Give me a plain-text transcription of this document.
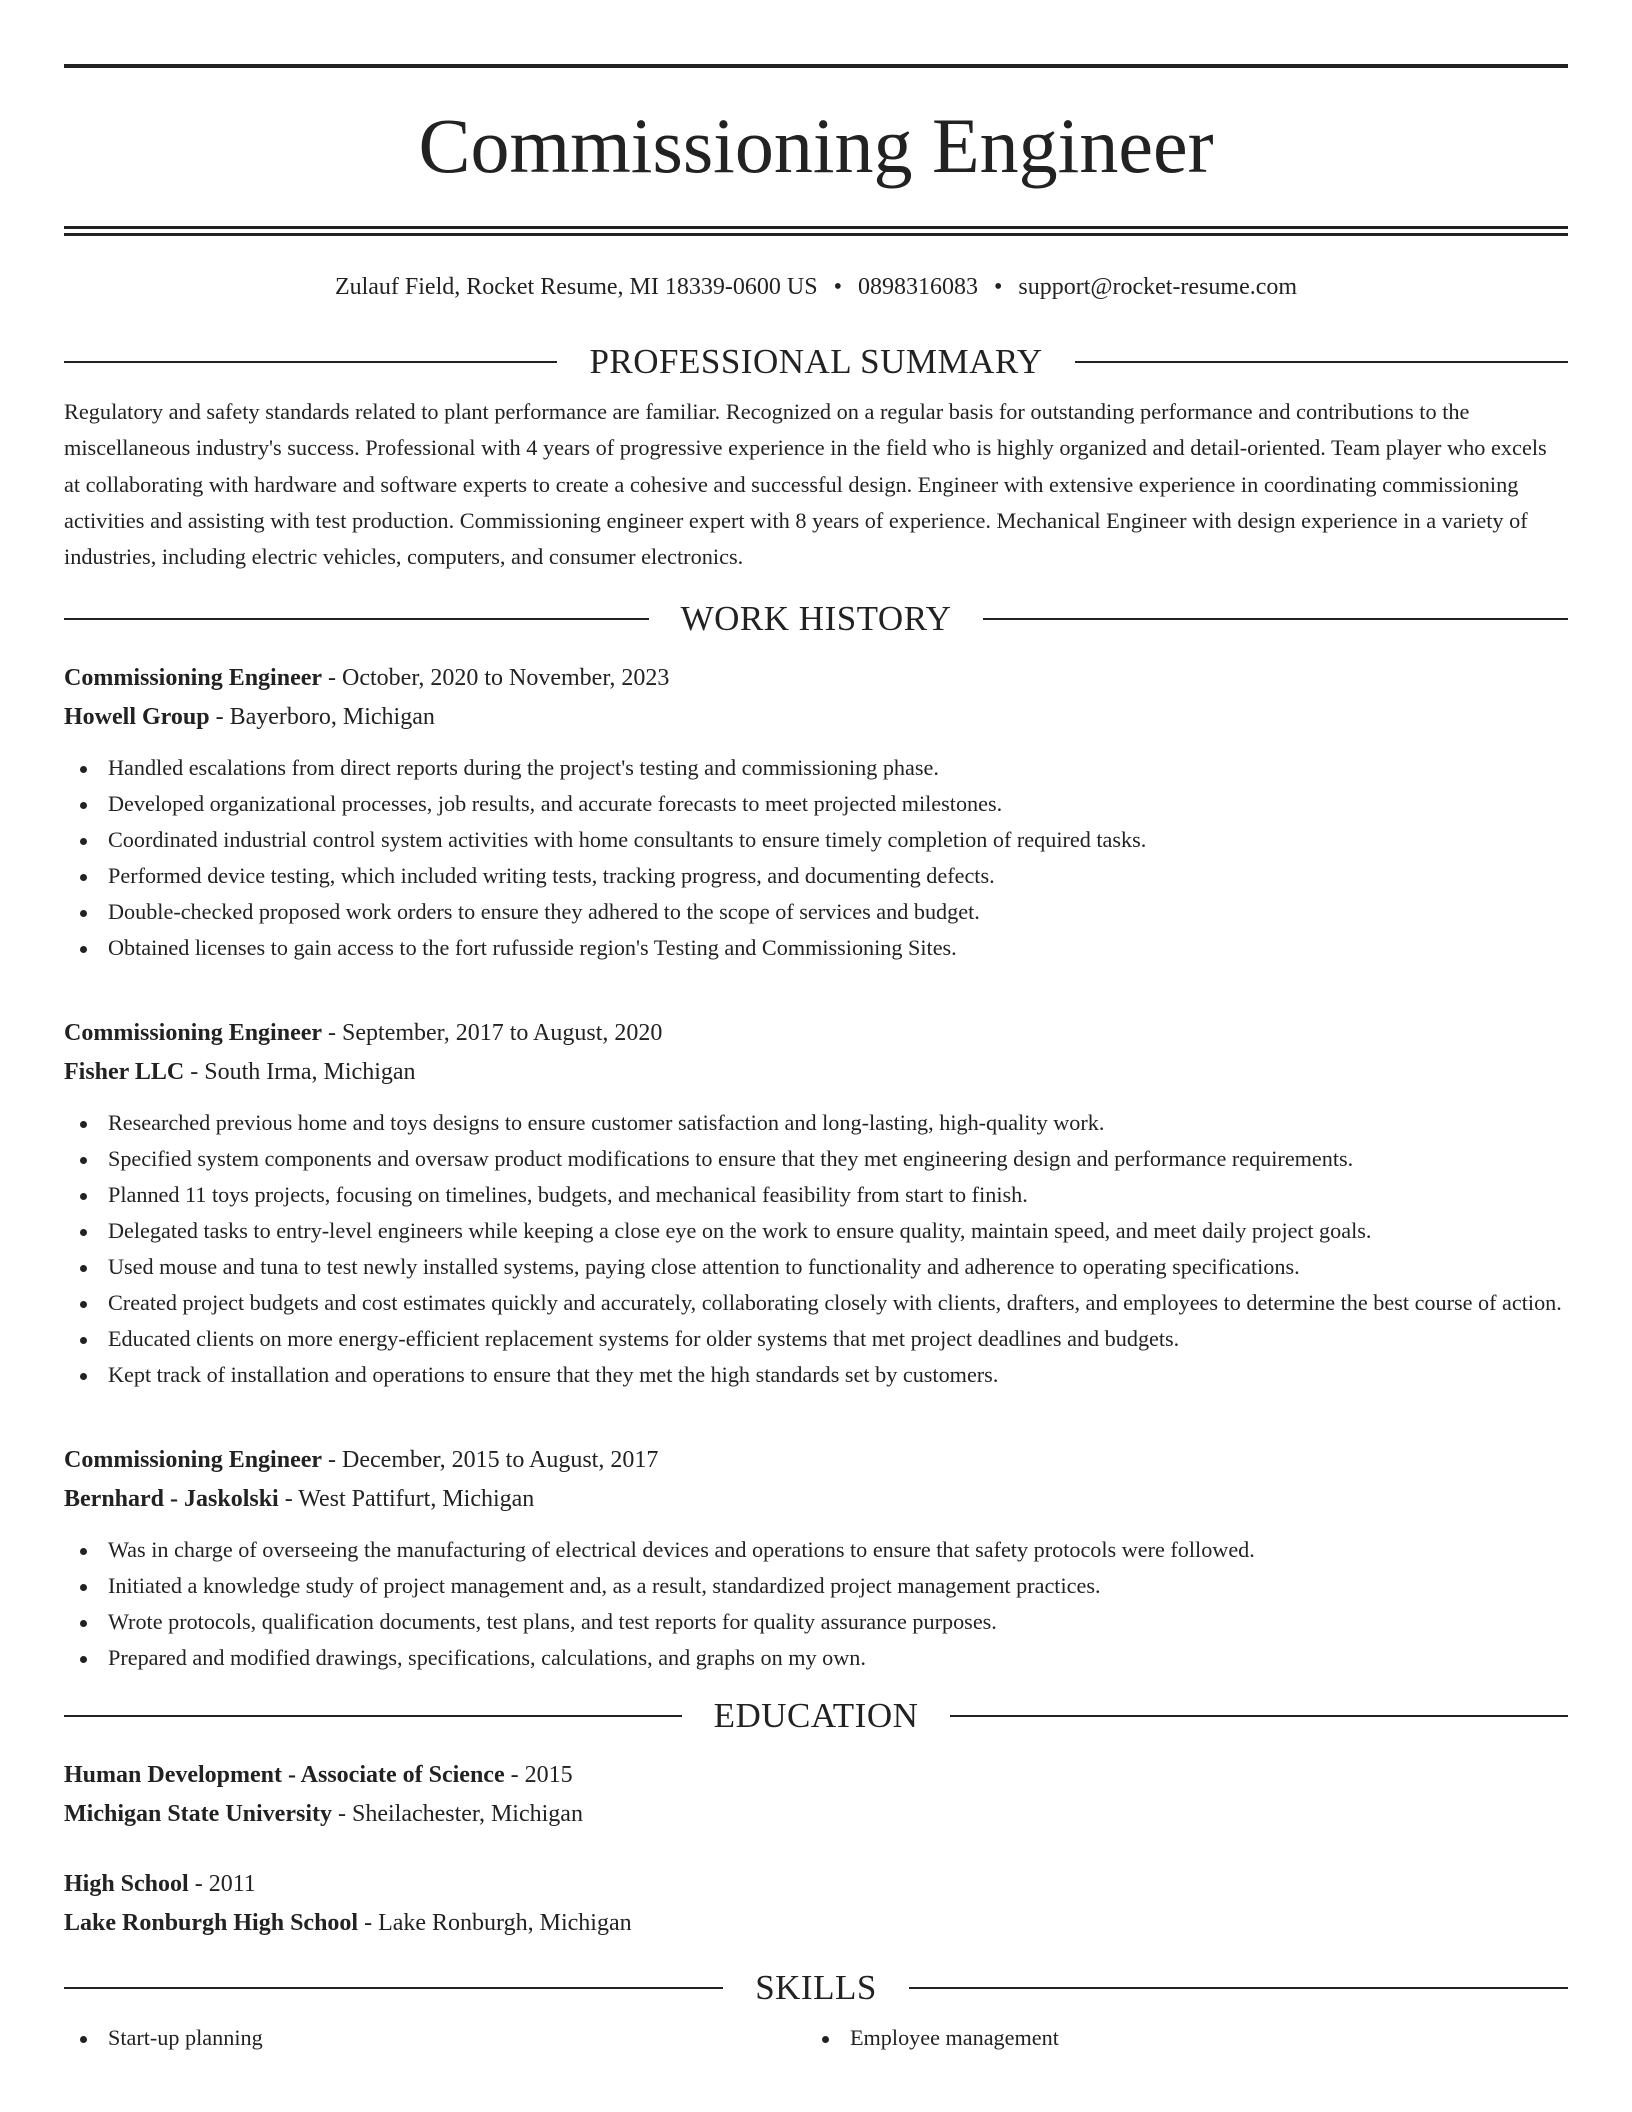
Commissioning Engineer
Zulauf Field, Rocket Resume, MI 18339-0600 US • 0898316083 • support@rocket-resume.com
PROFESSIONAL SUMMARY

Regulatory and safety standards related to plant performance are familiar. Recognized on a regular basis for outstanding performance and contributions to the miscellaneous industry's success. Professional with 4 years of progressive experience in the field who is highly organized and detail-oriented. Team player who excels at collaborating with hardware and software experts to create a cohesive and successful design. Engineer with extensive experience in coordinating commissioning activities and assisting with test production. Commissioning engineer expert with 8 years of experience. Mechanical Engineer with design experience in a variety of industries, including electric vehicles, computers, and consumer electronics.

WORK HISTORY
Commissioning Engineer - October, 2020 to November, 2023
Howell Group - Bayerboro, Michigan
Handled escalations from direct reports during the project's testing and commissioning phase.
Developed organizational processes, job results, and accurate forecasts to meet projected milestones.
Coordinated industrial control system activities with home consultants to ensure timely completion of required tasks.
Performed device testing, which included writing tests, tracking progress, and documenting defects.
Double-checked proposed work orders to ensure they adhered to the scope of services and budget.
Obtained licenses to gain access to the fort rufusside region's Testing and Commissioning Sites.
Commissioning Engineer - September, 2017 to August, 2020
Fisher LLC - South Irma, Michigan
Researched previous home and toys designs to ensure customer satisfaction and long-lasting, high-quality work.
Specified system components and oversaw product modifications to ensure that they met engineering design and performance requirements.
Planned 11 toys projects, focusing on timelines, budgets, and mechanical feasibility from start to finish.
Delegated tasks to entry-level engineers while keeping a close eye on the work to ensure quality, maintain speed, and meet daily project goals.
Used mouse and tuna to test newly installed systems, paying close attention to functionality and adherence to operating specifications.
Created project budgets and cost estimates quickly and accurately, collaborating closely with clients, drafters, and employees to determine the best course of action.
Educated clients on more energy-efficient replacement systems for older systems that met project deadlines and budgets.
Kept track of installation and operations to ensure that they met the high standards set by customers.
Commissioning Engineer - December, 2015 to August, 2017
Bernhard - Jaskolski - West Pattifurt, Michigan
Was in charge of overseeing the manufacturing of electrical devices and operations to ensure that safety protocols were followed.
Initiated a knowledge study of project management and, as a result, standardized project management practices.
Wrote protocols, qualification documents, test plans, and test reports for quality assurance purposes.
Prepared and modified drawings, specifications, calculations, and graphs on my own.
EDUCATION
Human Development - Associate of Science - 2015
Michigan State University - Sheilachester, Michigan
High School - 2011
Lake Ronburgh High School - Lake Ronburgh, Michigan
SKILLS
Start-up planning	Employee management
